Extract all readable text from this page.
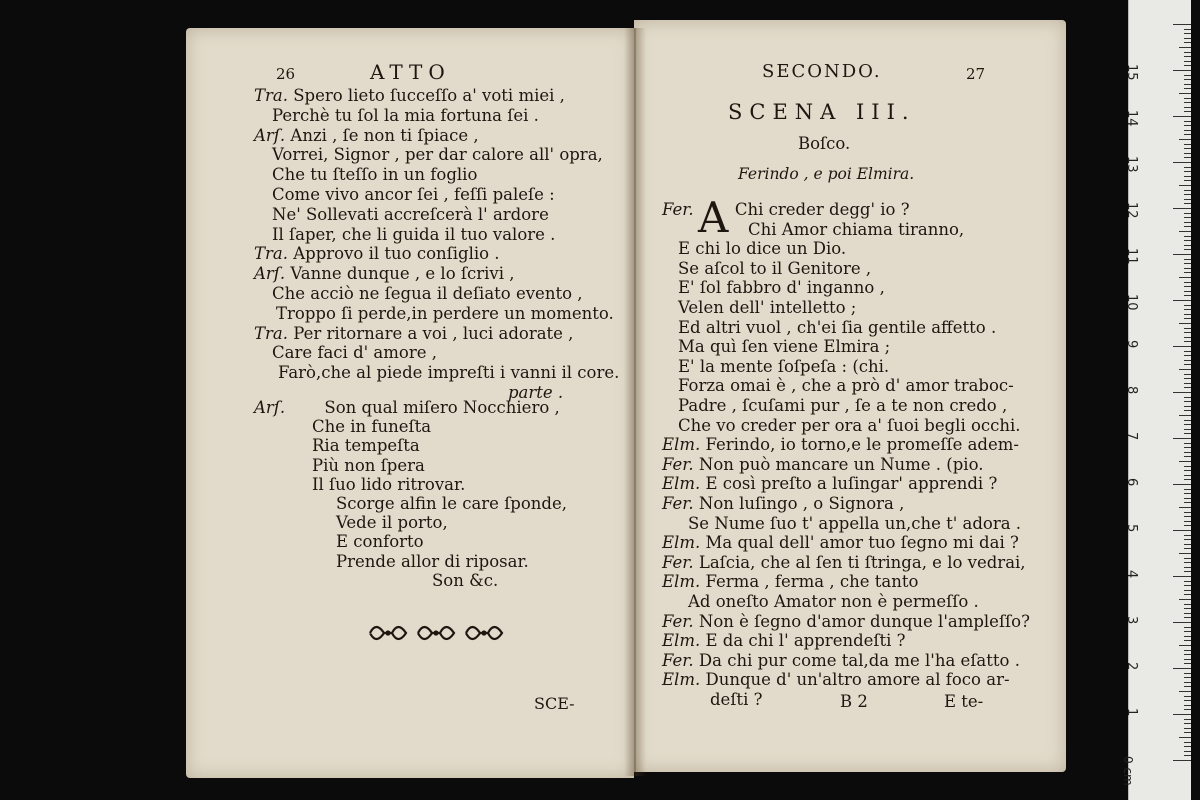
26	ATTO
Tra. Spero lieto ſucceſſo a' voti miei ,
Perchè tu ſol la mia fortuna ſei .
Arſ. Anzi , ſe non ti ſpiace ,
Vorrei, Signor , per dar calore all' opra,
Che tu ſteſſo in un foglio
Come vivo ancor ſei , feſſi paleſe :
Ne' Sollevati accreſcerà l' ardore
Il ſaper, che li guida il tuo valore .
Tra. Approvo il tuo conſiglio .
Arſ. Vanne dunque , e lo ſcrivi ,
Che acciò ne ſegua il deſiato evento ,
Troppo ſi perde,in perdere un momento.
Tra. Per ritornare a voi , luci adorate ,
Care faci d' amore ,
Farò,che al piede impreſti i vanni il core.
parte .
Arſ. Son qual miſero Nocchiero ,
Che in funeſta
Ria tempeſta
Più non ſpera
Il ſuo lido ritrovar.
Scorge alfin le care ſponde,
Vede il porto,
E conforto
Prende allor di riposar.
Son &c.
SCE-
SECONDO.	27
SCENA III.
Boſco.
Ferindo , e poi Elmira.
A
Fer. Chi creder degg' io ?
Chi Amor chiama tiranno,
E chi lo dice un Dio.
Se aſcol to il Genitore ,
E' ſol fabbro d' inganno ,
Velen dell' intelletto ;
Ed altri vuol , ch'ei ſia gentile affetto .
Ma quì ſen viene Elmira ;
E' la mente ſoſpeſa : (chi.
Forza omai è , che a prò d' amor traboc-
Padre , ſcuſami pur , ſe a te non credo ,
Che vo creder per ora a' ſuoi begli occhi.
Elm. Ferindo, io torno,e le promeſſe adem-
Fer. Non può mancare un Nume . (pio.
Elm. E così preſto a luſingar' apprendi ?
Fer. Non luſingo , o Signora ,
Se Nume ſuo t' appella un,che t' adora .
Elm. Ma qual dell' amor tuo ſegno mi dai ?
Fer. Laſcia, che al ſen ti ſtringa, e lo vedrai,
Elm. Ferma , ferma , che tanto
Ad oneſto Amator non è permeſſo .
Fer. Non è ſegno d'amor dunque l'ampleſſo?
Elm. E da chi l' apprendeſti ?
Fer. Da chi pur come tal,da me l'ha eſatto .
Elm. Dunque d' un'altro amore al foco ar-
deſti ?	B 2	E te-
0 cm
1
2
3
4
5
6
7
8
9
10
11
12
13
14
15
